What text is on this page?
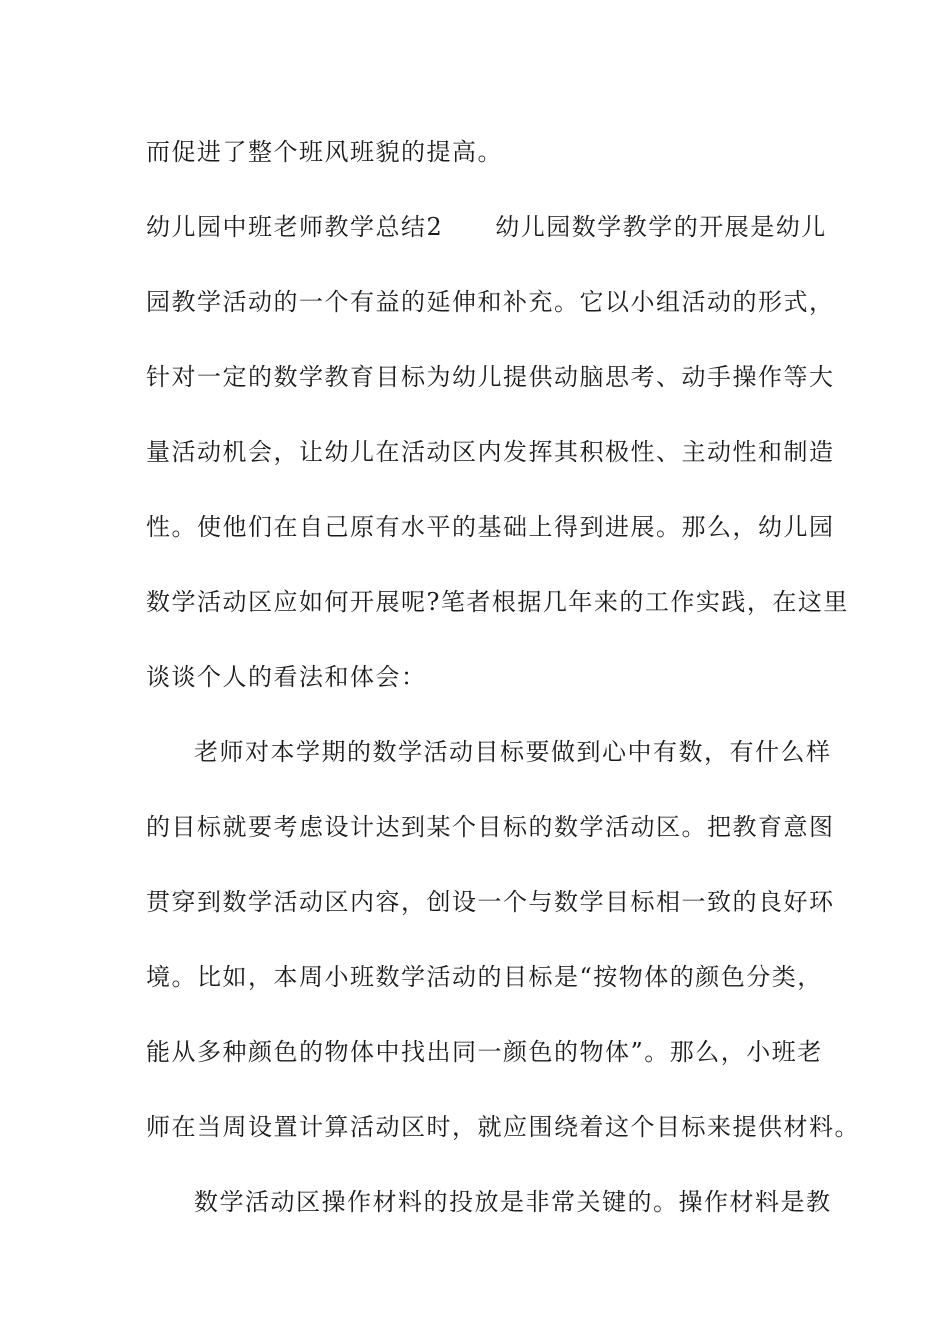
而促进了整个班风班貌的提高。
幼儿园中班老师教学总结2 幼儿园数学教学的开展是幼儿
园教学活动的一个有益的延伸和补充。它以小组活动的形式，
针对一定的数学教育目标为幼儿提供动脑思考、动手操作等大
量活动机会，让幼儿在活动区内发挥其积极性、主动性和制造
性。使他们在自己原有水平的基础上得到进展。那么，幼儿园
数学活动区应如何开展呢?笔者根据几年来的工作实践，在这里
谈谈个人的看法和体会：
老师对本学期的数学活动目标要做到心中有数，有什么样
的目标就要考虑设计达到某个目标的数学活动区。把教育意图
贯穿到数学活动区内容，创设一个与数学目标相一致的良好环
境。比如，本周小班数学活动的目标是“按物体的颜色分类，
能从多种颜色的物体中找出同一颜色的物体”。那么，小班老
师在当周设置计算活动区时，就应围绕着这个目标来提供材料。
数学活动区操作材料的投放是非常关键的。操作材料是教
